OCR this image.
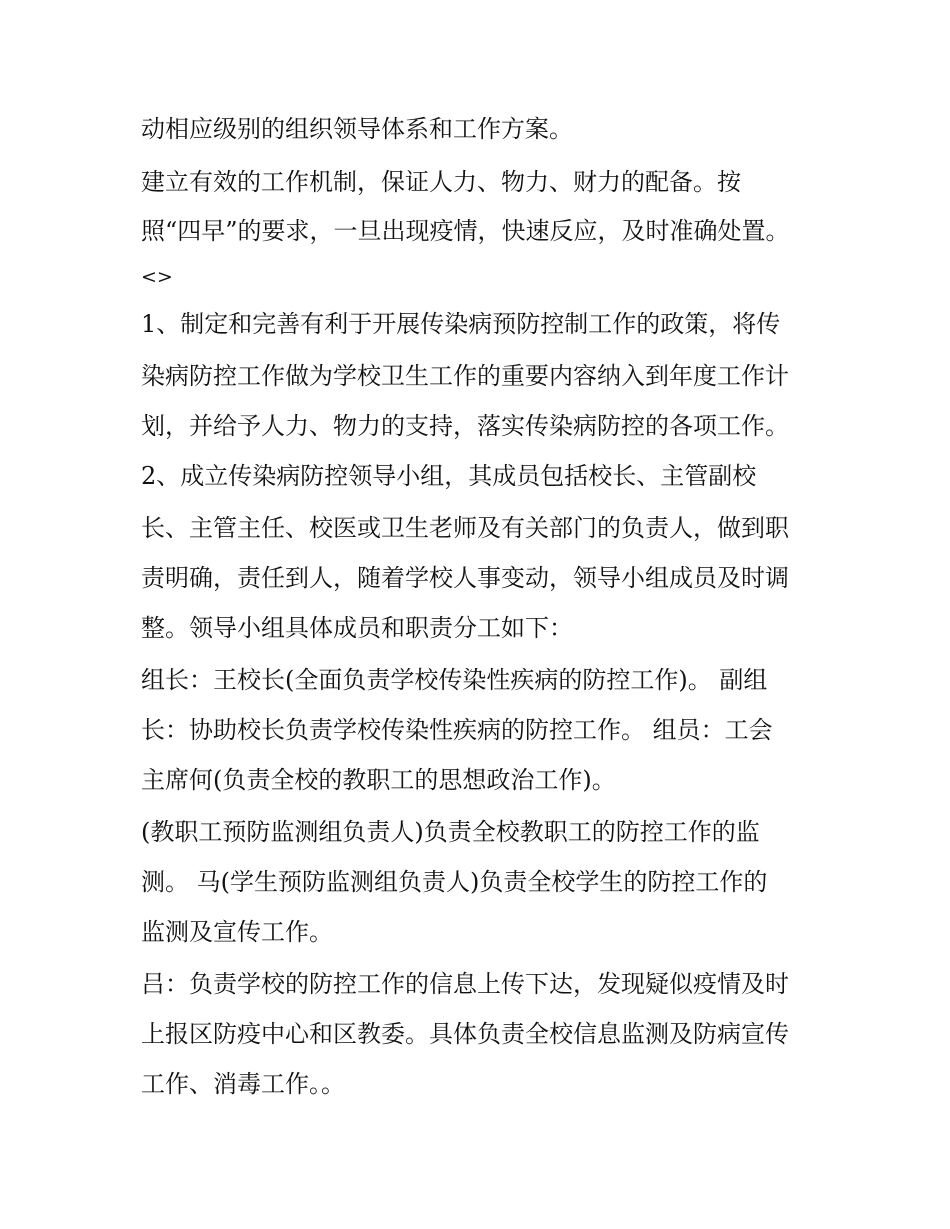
动相应级别的组织领导体系和工作方案。
建立有效的工作机制，保证人力、物力、财力的配备。按
照“四早”的要求，一旦出现疫情，快速反应，及时准确处置。
<>
1、制定和完善有利于开展传染病预防控制工作的政策，将传
染病防控工作做为学校卫生工作的重要内容纳入到年度工作计
划，并给予人力、物力的支持，落实传染病防控的各项工作。
2、成立传染病防控领导小组，其成员包括校长、主管副校
长、主管主任、校医或卫生老师及有关部门的负责人，做到职
责明确，责任到人，随着学校人事变动，领导小组成员及时调
整。领导小组具体成员和职责分工如下：
组长：王校长(全面负责学校传染性疾病的防控工作)。 副组
长：协助校长负责学校传染性疾病的防控工作。 组员：工会
主席何(负责全校的教职工的思想政治工作)。
(教职工预防监测组负责人)负责全校教职工的防控工作的监
测。 马(学生预防监测组负责人)负责全校学生的防控工作的
监测及宣传工作。
吕：负责学校的防控工作的信息上传下达，发现疑似疫情及时
上报区防疫中心和区教委。具体负责全校信息监测及防病宣传
工作、消毒工作。。
